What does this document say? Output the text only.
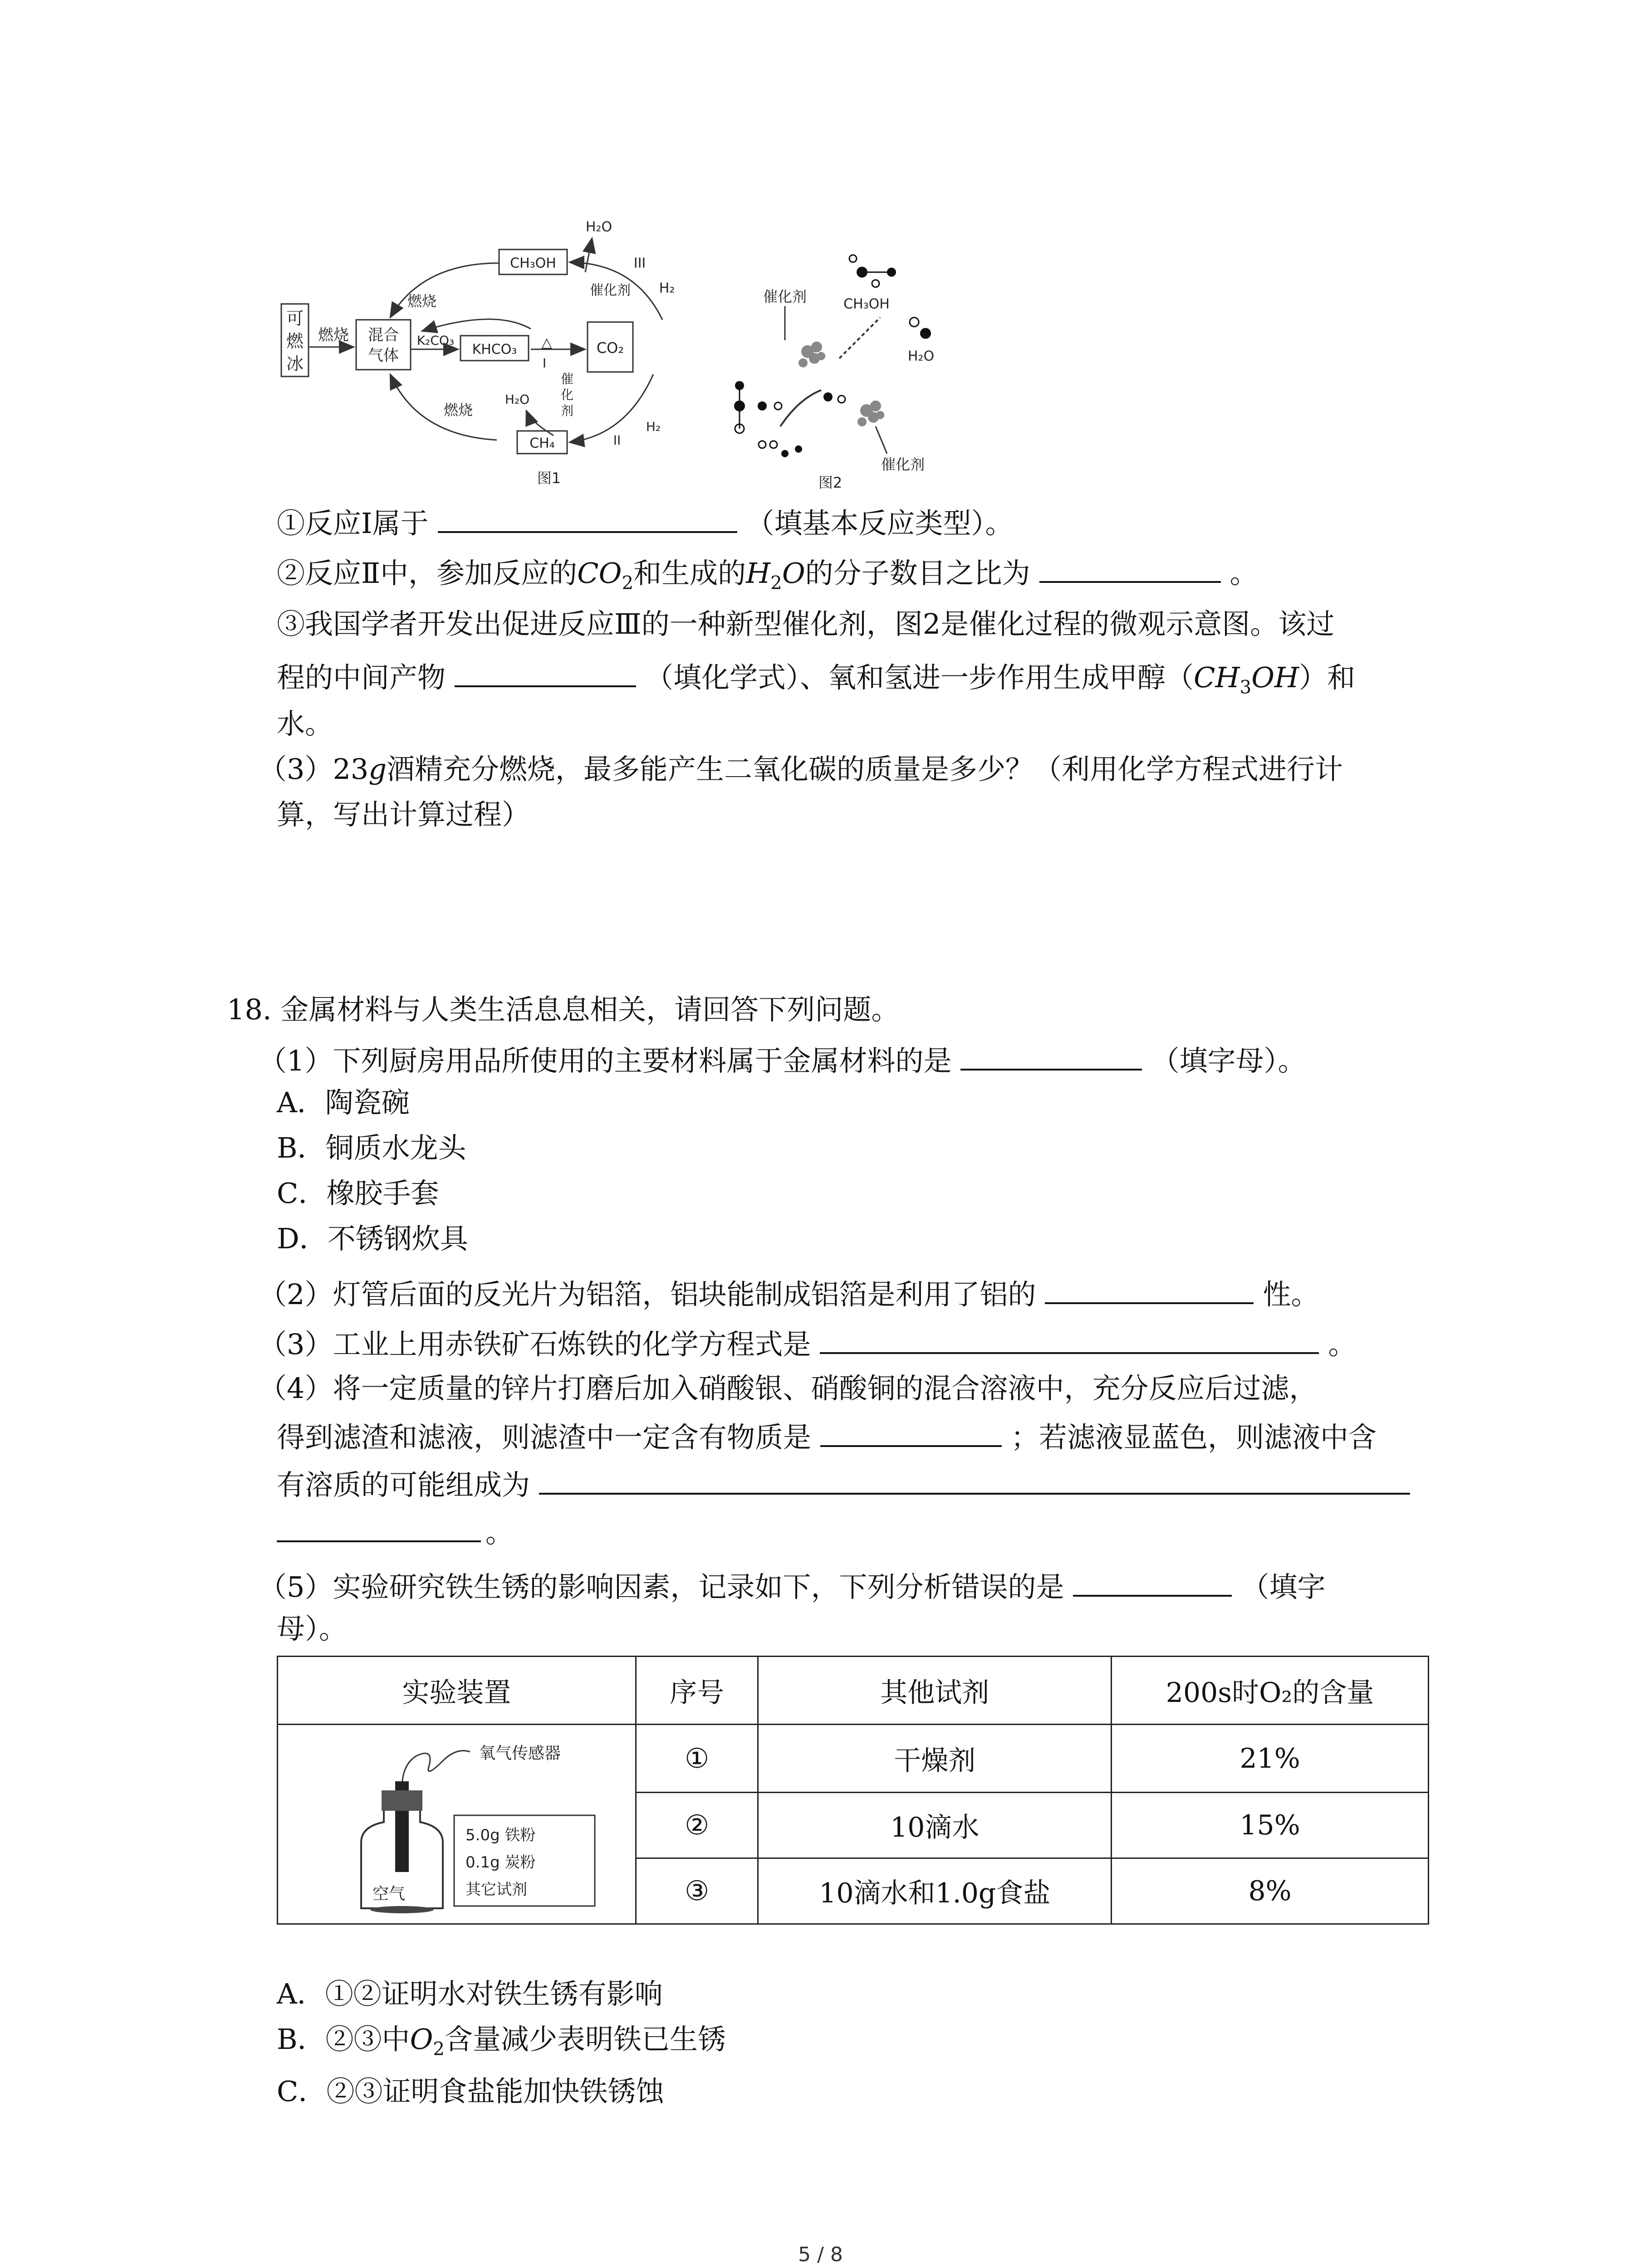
可
燃
冰
燃烧 混合
气体
CH₃OH
燃烧
H₂O
III
催化剂 H₂
K₂CO₃
KHCO₃ △
I
CO₂
燃烧
H₂O
催
化
剂
II
H₂
CH₄
图1
催化剂	CH₃OH
H₂O
催化剂
图2
①反应Ⅰ属于	（填基本反应类型）。
②反应Ⅱ中，参加反应的$CO_2$和生成的$H_2O$的分子数目之比为	。
③我国学者开发出促进反应Ⅲ的一种新型催化剂，图2是催化过程的微观示意图。该过
程的中间产物	（填化学式）、氧和氢进一步作用生成甲醇$(CH_3OH)$和
水。
（3）23g酒精充分燃烧，最多能产生二氧化碳的质量是多少？（利用化学方程式进行计
算，写出计算过程）
18. 金属材料与人类生活息息相关，请回答下列问题。
（1）下列厨房用品所使用的主要材料属于金属材料的是	（填字母）。
A．陶瓷碗
B．铜质水龙头
C．橡胶手套
D．不锈钢炊具
（2）灯管后面的反光片为铝箔，铝块能制成铝箔是利用了铝的	性。
（3）工业上用赤铁矿石炼铁的化学方程式是	。
（4）将一定质量的锌片打磨后加入硝酸银、硝酸铜的混合溶液中，充分反应后过滤，
得到滤渣和滤液，则滤渣中一定含有物质是	；若滤液显蓝色，则滤液中含
有溶质的可能组成为
。
（5）实验研究铁生锈的影响因素，记录如下，下列分析错误的是	（填字
母）。
实验装置	序号	其他试剂	200s时O₂的含量

氧气传感器
空气
5.0g 铁粉
0.1g 炭粉
其它试剂	①	干燥剂	21%
	②	10滴水	15%
	③	10滴水和1.0g食盐	8%
A．①②证明水对铁生锈有影响
B．②③中$O_2$含量减少表明铁已生锈
C．②③证明食盐能加快铁锈蚀
5 / 8
